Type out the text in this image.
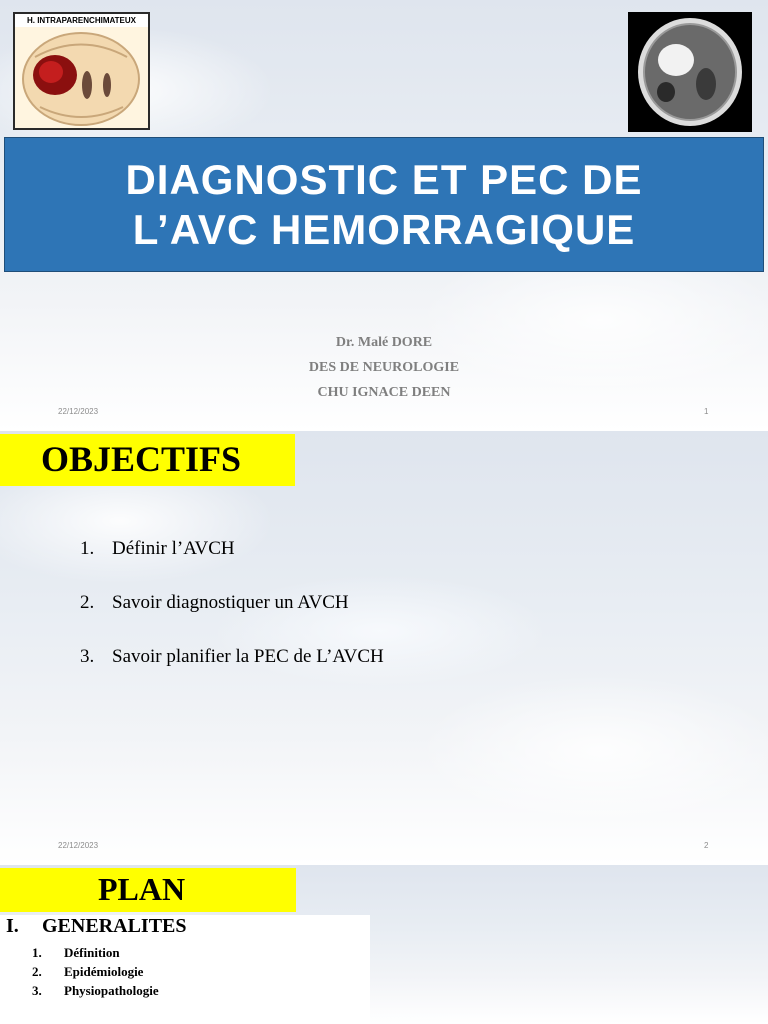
H. INTRAPARENCHIMATEUX
DIAGNOSTIC ET PEC DE
L’AVC HEMORRAGIQUE
Dr. Malé DORE
DES DE NEUROLOGIE
CHU IGNACE DEEN
22/12/2023	1
OBJECTIFS
1. Définir l’AVCH
2. Savoir diagnostiquer un AVCH
3. Savoir planifier la PEC de L’AVCH
22/12/2023	2
PLAN
I. GENERALITES
1. Définition
2. Epidémiologie
3. Physiopathologie
